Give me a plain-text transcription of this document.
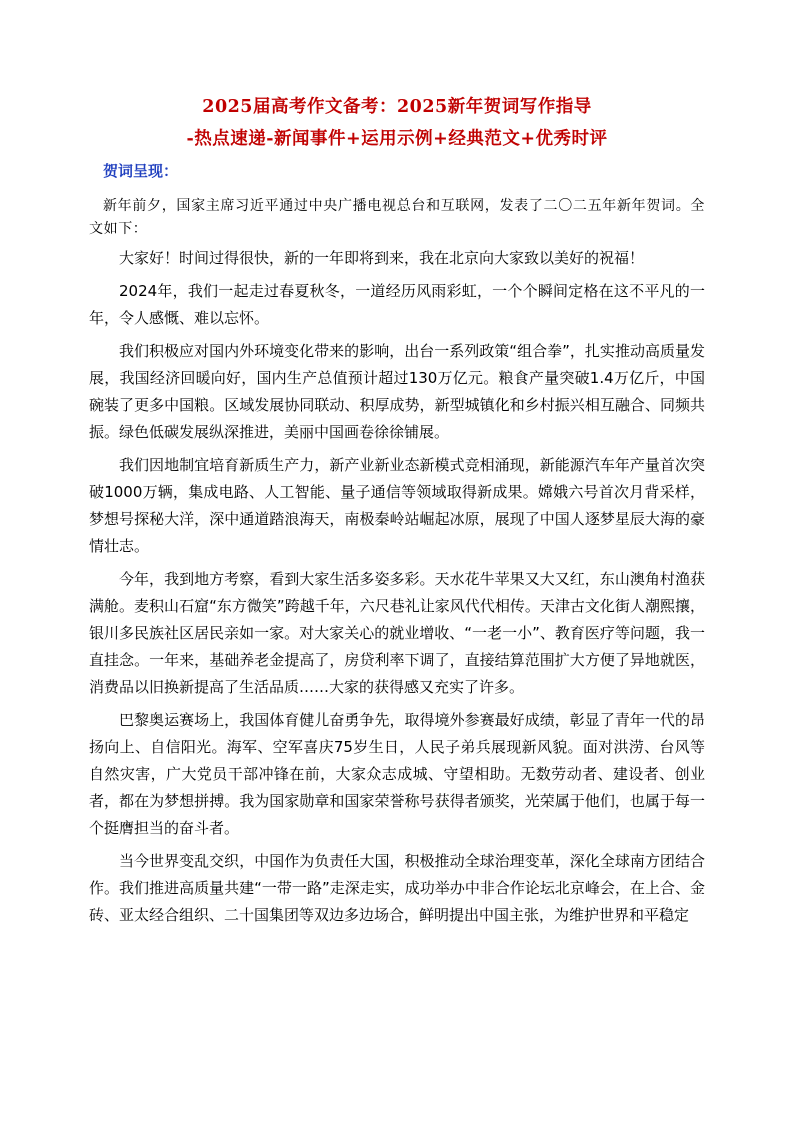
2025届高考作文备考：2025新年贺词写作指导
-热点速递-新闻事件+运用示例+经典范文+优秀时评
贺词呈现：

新年前夕，国家主席习近平通过中央广播电视总台和互联网，发表了二〇二五年新年贺词。全文如下：

大家好！时间过得很快，新的一年即将到来，我在北京向大家致以美好的祝福！

2024年，我们一起走过春夏秋冬，一道经历风雨彩虹，一个个瞬间定格在这不平凡的一年，令人感慨、难以忘怀。

我们积极应对国内外环境变化带来的影响，出台一系列政策“组合拳”，扎实推动高质量发展，我国经济回暖向好，国内生产总值预计超过130万亿元。粮食产量突破1.4万亿斤，中国碗装了更多中国粮。区域发展协同联动、积厚成势，新型城镇化和乡村振兴相互融合、同频共振。绿色低碳发展纵深推进，美丽中国画卷徐徐铺展。

我们因地制宜培育新质生产力，新产业新业态新模式竞相涌现，新能源汽车年产量首次突破1000万辆，集成电路、人工智能、量子通信等领域取得新成果。嫦娥六号首次月背采样，梦想号探秘大洋，深中通道踏浪海天，南极秦岭站崛起冰原，展现了中国人逐梦星辰大海的豪情壮志。

今年，我到地方考察，看到大家生活多姿多彩。天水花牛苹果又大又红，东山澳角村渔获满舱。麦积山石窟“东方微笑”跨越千年，六尺巷礼让家风代代相传。天津古文化街人潮熙攘，银川多民族社区居民亲如一家。对大家关心的就业增收、“一老一小”、教育医疗等问题，我一直挂念。一年来，基础养老金提高了，房贷利率下调了，直接结算范围扩大方便了异地就医，消费品以旧换新提高了生活品质……大家的获得感又充实了许多。

巴黎奥运赛场上，我国体育健儿奋勇争先，取得境外参赛最好成绩，彰显了青年一代的昂扬向上、自信阳光。海军、空军喜庆75岁生日，人民子弟兵展现新风貌。面对洪涝、台风等自然灾害，广大党员干部冲锋在前，大家众志成城、守望相助。无数劳动者、建设者、创业者，都在为梦想拼搏。我为国家勋章和国家荣誉称号获得者颁奖，光荣属于他们，也属于每一个挺膺担当的奋斗者。

当今世界变乱交织，中国作为负责任大国，积极推动全球治理变革，深化全球南方团结合作。我们推进高质量共建“一带一路”走深走实，成功举办中非合作论坛北京峰会，在上合、金砖、亚太经合组织、二十国集团等双边多边场合，鲜明提出中国主张，为维护世界和平稳定
